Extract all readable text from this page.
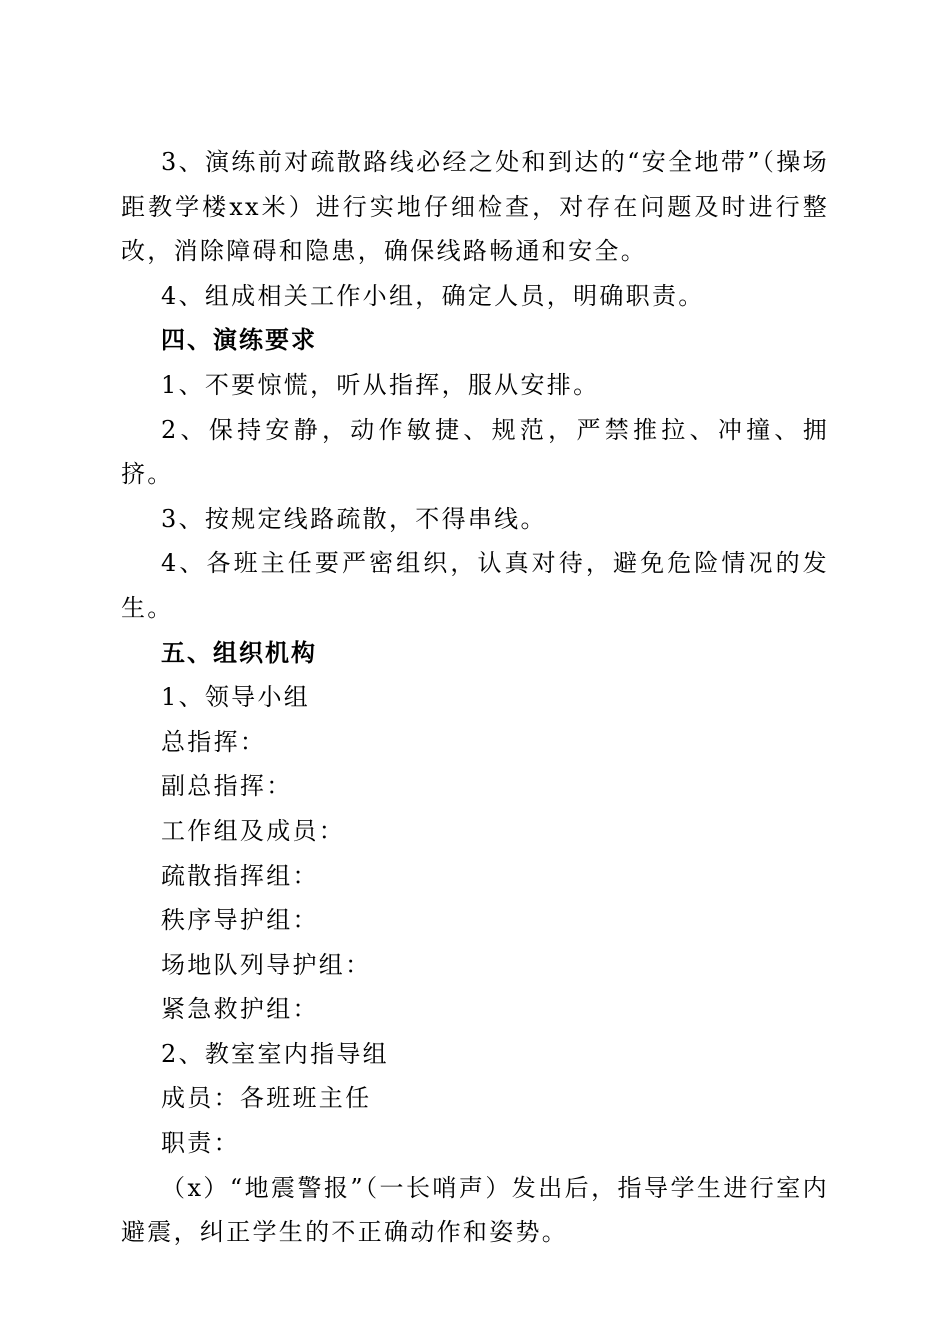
3、演练前对疏散路线必经之处和到达的“安全地带”（操场距教学楼xx米）进行实地仔细检查，对存在问题及时进行整改，消除障碍和隐患，确保线路畅通和安全。

4、组成相关工作小组，确定人员，明确职责。

四、演练要求

1、不要惊慌，听从指挥，服从安排。

2、保持安静，动作敏捷、规范，严禁推拉、冲撞、拥挤。

3、按规定线路疏散，不得串线。

4、各班主任要严密组织，认真对待，避免危险情况的发生。

五、组织机构

1、领导小组

总指挥：

副总指挥：

工作组及成员：

疏散指挥组：

秩序导护组：

场地队列导护组：

紧急救护组：

2、教室室内指导组

成员：各班班主任

职责：

（x）“地震警报”（一长哨声）发出后，指导学生进行室内避震，纠正学生的不正确动作和姿势。
